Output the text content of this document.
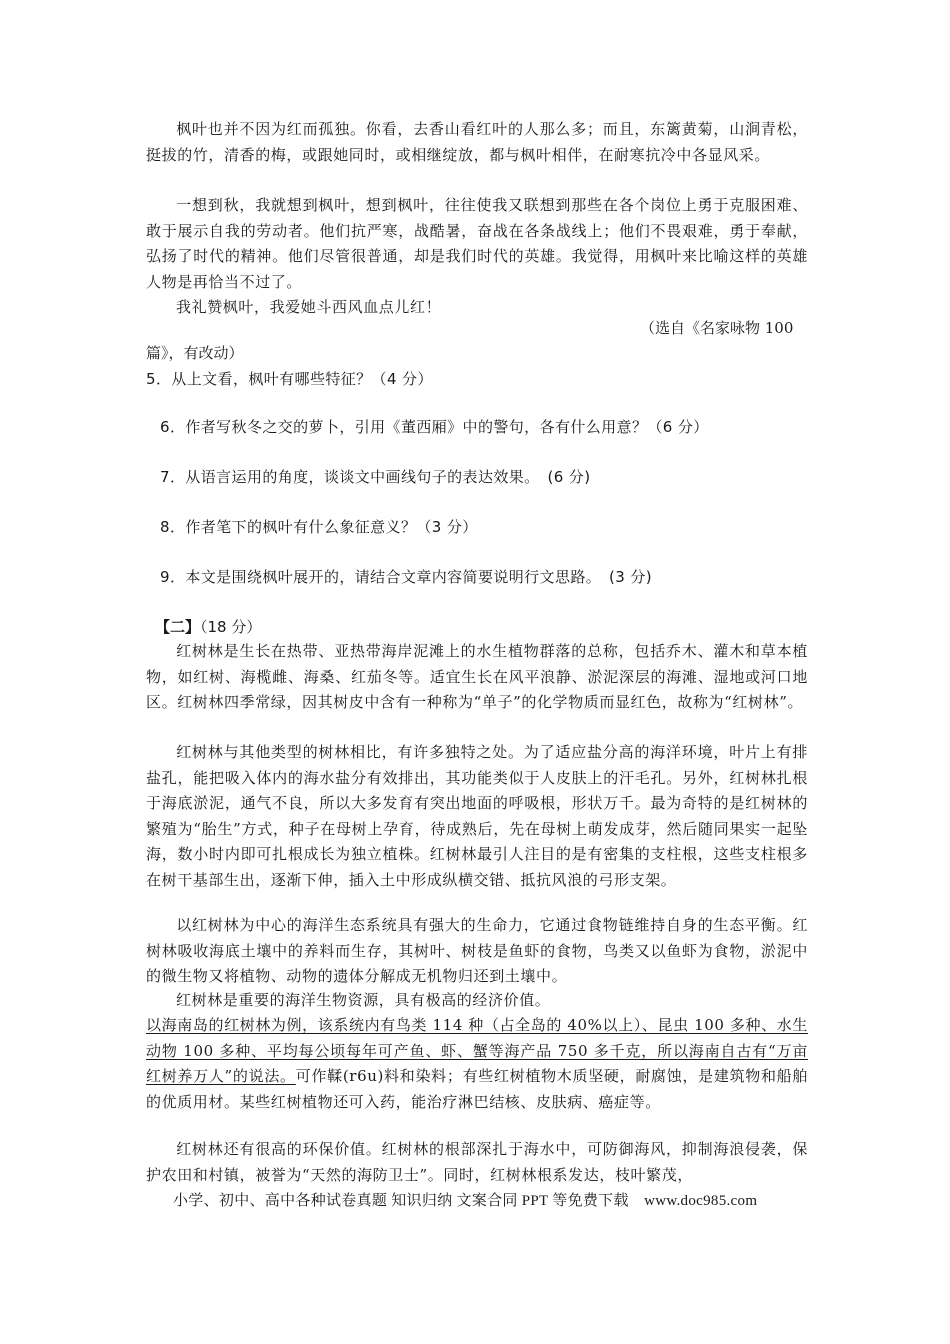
枫叶也并不因为红而孤独。你看，去香山看红叶的人那么多；而且，东篱黄菊，山涧青松，挺拔的竹，清香的梅，或跟她同时，或相继绽放，都与枫叶相伴，在耐寒抗冷中各显风采。

一想到秋，我就想到枫叶，想到枫叶，往往使我又联想到那些在各个岗位上勇于克服困难、敢于展示自我的劳动者。他们抗严寒，战酷暑，奋战在各条战线上；他们不畏艰难，勇于奉献，弘扬了时代的精神。他们尽管很普通，却是我们时代的英雄。我觉得，用枫叶来比喻这样的英雄人物是再恰当不过了。

我礼赞枫叶，我爱她斗西风血点儿红！

（选自《名家咏物 100
篇》，有改动）
5．从上文看，枫叶有哪些特征？（4 分）
6．作者写秋冬之交的萝卜，引用《董西厢》中的警句，各有什么用意？（6 分）
7．从语言运用的角度，谈谈文中画线句子的表达效果。　(6 分)
8．作者笔下的枫叶有什么象征意义？（3 分）
9．本文是围绕枫叶展开的，请结合文章内容简要说明行文思路。　(3 分)
【二】（18 分）

红树林是生长在热带、亚热带海岸泥滩上的水生植物群落的总称，包括乔木、灌木和草本植物，如红树、海榄雌、海桑、红茄冬等。适宜生长在风平浪静、淤泥深层的海滩、湿地或河口地区。红树林四季常绿，因其树皮中含有一种称为“单子”的化学物质而显红色，故称为“红树林”。

红树林与其他类型的树林相比，有许多独特之处。为了适应盐分高的海洋环境，叶片上有排盐孔，能把吸入体内的海水盐分有效排出，其功能类似于人皮肤上的汗毛孔。另外，红树林扎根于海底淤泥，通气不良，所以大多发育有突出地面的呼吸根，形状万千。最为奇特的是红树林的繁殖为“胎生”方式，种子在母树上孕育，待成熟后，先在母树上萌发成芽，然后随同果实一起坠海，数小时内即可扎根成长为独立植株。红树林最引人注目的是有密集的支柱根，这些支柱根多在树干基部生出，逐渐下伸，插入土中形成纵横交错、抵抗风浪的弓形支架。

以红树林为中心的海洋生态系统具有强大的生命力，它通过食物链维持自身的生态平衡。红树林吸收海底土壤中的养料而生存，其树叶、树枝是鱼虾的食物，鸟类又以鱼虾为食物，淤泥中的微生物又将植物、动物的遗体分解成无机物归还到土壤中。

红树林是重要的海洋生物资源，具有极高的经济价值。

以海南岛的红树林为例，该系统内有鸟类 114 种（占全岛的 40%以上）、昆虫 100 多种、水生动物 100 多种、平均每公顷每年可产鱼、虾、蟹等海产品 750 多千克，所以海南自古有“万亩红树养万人”的说法。可作鞣(r6u)料和染料；有些红树植物木质坚硬，耐腐蚀，是建筑物和船舶的优质用材。某些红树植物还可入药，能治疗淋巴结核、皮肤病、癌症等。

红树林还有很高的环保价值。红树林的根部深扎于海水中，可防御海风，抑制海浪侵袭，保护农田和村镇，被誉为“天然的海防卫士”。同时，红树林根系发达，枝叶繁茂，

小学、初中、高中各种试卷真题 知识归纳 文案合同 PPT 等免费下载　www.doc985.com
